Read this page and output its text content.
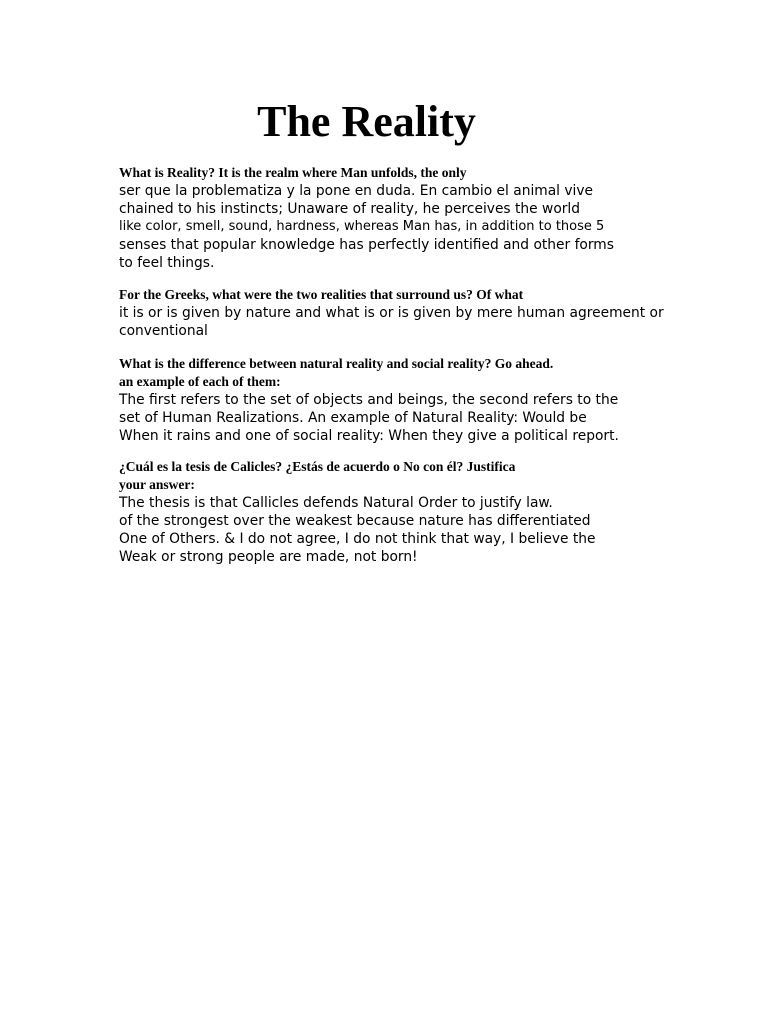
The Reality
What is Reality? It is the realm where Man unfolds, the only
ser que la problematiza y la pone en duda. En cambio el animal vive
chained to his instincts; Unaware of reality, he perceives the world
like color, smell, sound, hardness, whereas Man has, in addition to those 5
senses that popular knowledge has perfectly identified and other forms
to feel things.
For the Greeks, what were the two realities that surround us? Of what
it is or is given by nature and what is or is given by mere human agreement or
conventional
What is the difference between natural reality and social reality? Go ahead.
an example of each of them:
The first refers to the set of objects and beings, the second refers to the
set of Human Realizations. An example of Natural Reality: Would be
When it rains and one of social reality: When they give a political report.
¿Cuál es la tesis de Calicles? ¿Estás de acuerdo o No con él? Justifica
your answer:
The thesis is that Callicles defends Natural Order to justify law.
of the strongest over the weakest because nature has differentiated
One of Others. & I do not agree, I do not think that way, I believe the
Weak or strong people are made, not born!
